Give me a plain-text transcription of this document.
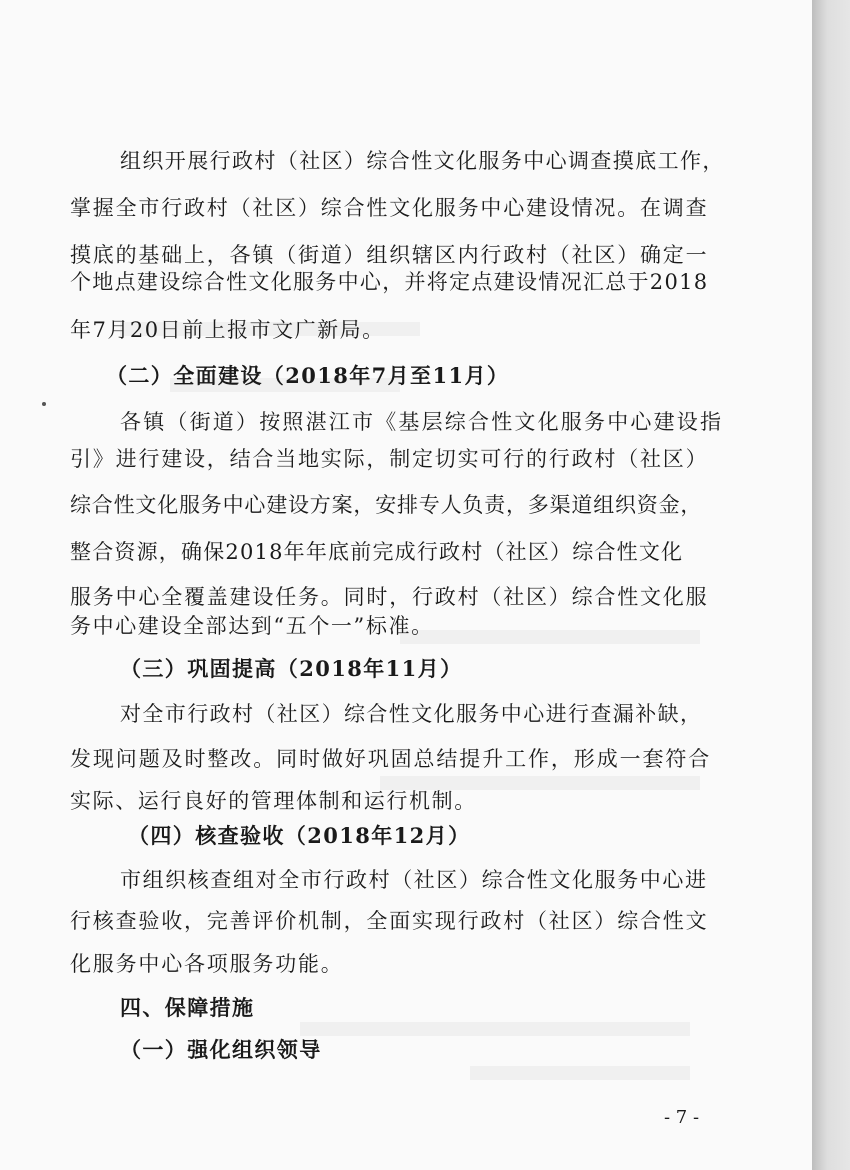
组织开展行政村（社区）综合性文化服务中心调查摸底工作，
掌握全市行政村（社区）综合性文化服务中心建设情况。在调查
摸底的基础上，各镇（街道）组织辖区内行政村（社区）确定一
个地点建设综合性文化服务中心，并将定点建设情况汇总于2018
年7月20日前上报市文广新局。
（二）全面建设（2018年7月至11月）
各镇（街道）按照湛江市《基层综合性文化服务中心建设指
引》进行建设，结合当地实际，制定切实可行的行政村（社区）
综合性文化服务中心建设方案，安排专人负责，多渠道组织资金，
整合资源，确保2018年年底前完成行政村（社区）综合性文化
服务中心全覆盖建设任务。同时，行政村（社区）综合性文化服
务中心建设全部达到“五个一”标准。
（三）巩固提高（2018年11月）
对全市行政村（社区）综合性文化服务中心进行查漏补缺，
发现问题及时整改。同时做好巩固总结提升工作，形成一套符合
实际、运行良好的管理体制和运行机制。
（四）核查验收（2018年12月）
市组织核查组对全市行政村（社区）综合性文化服务中心进
行核查验收，完善评价机制，全面实现行政村（社区）综合性文
化服务中心各项服务功能。
四、保障措施
（一）强化组织领导
- 7 -
